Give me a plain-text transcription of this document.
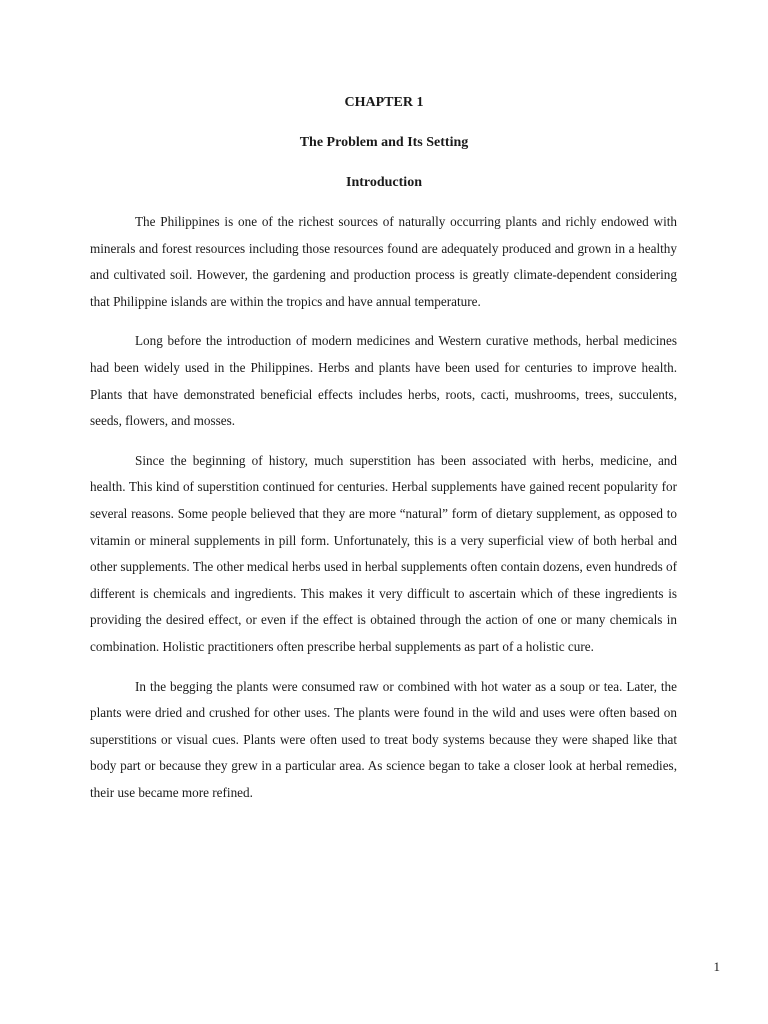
CHAPTER 1
The Problem and Its Setting
Introduction

The Philippines is one of the richest sources of naturally occurring plants and richly endowed with minerals and forest resources including those resources found are adequately produced and grown in a healthy and cultivated soil. However, the gardening and production process is greatly climate-dependent considering that Philippine islands are within the tropics and have annual temperature.

Long before the introduction of modern medicines and Western curative methods, herbal medicines had been widely used in the Philippines. Herbs and plants have been used for centuries to improve health. Plants that have demonstrated beneficial effects includes herbs, roots, cacti, mushrooms, trees, succulents, seeds, flowers, and mosses.

Since the beginning of history, much superstition has been associated with herbs, medicine, and health. This kind of superstition continued for centuries. Herbal supplements have gained recent popularity for several reasons. Some people believed that they are more “natural” form of dietary supplement, as opposed to vitamin or mineral supplements in pill form. Unfortunately, this is a very superficial view of both herbal and other supplements. The other medical herbs used in herbal supplements often contain dozens, even hundreds of different is chemicals and ingredients. This makes it very difficult to ascertain which of these ingredients is providing the desired effect, or even if the effect is obtained through the action of one or many chemicals in combination. Holistic practitioners often prescribe herbal supplements as part of a holistic cure.

In the begging the plants were consumed raw or combined with hot water as a soup or tea. Later, the plants were dried and crushed for other uses. The plants were found in the wild and uses were often based on superstitions or visual cues. Plants were often used to treat body systems because they were shaped like that body part or because they grew in a particular area. As science began to take a closer look at herbal remedies, their use became more refined.

1
